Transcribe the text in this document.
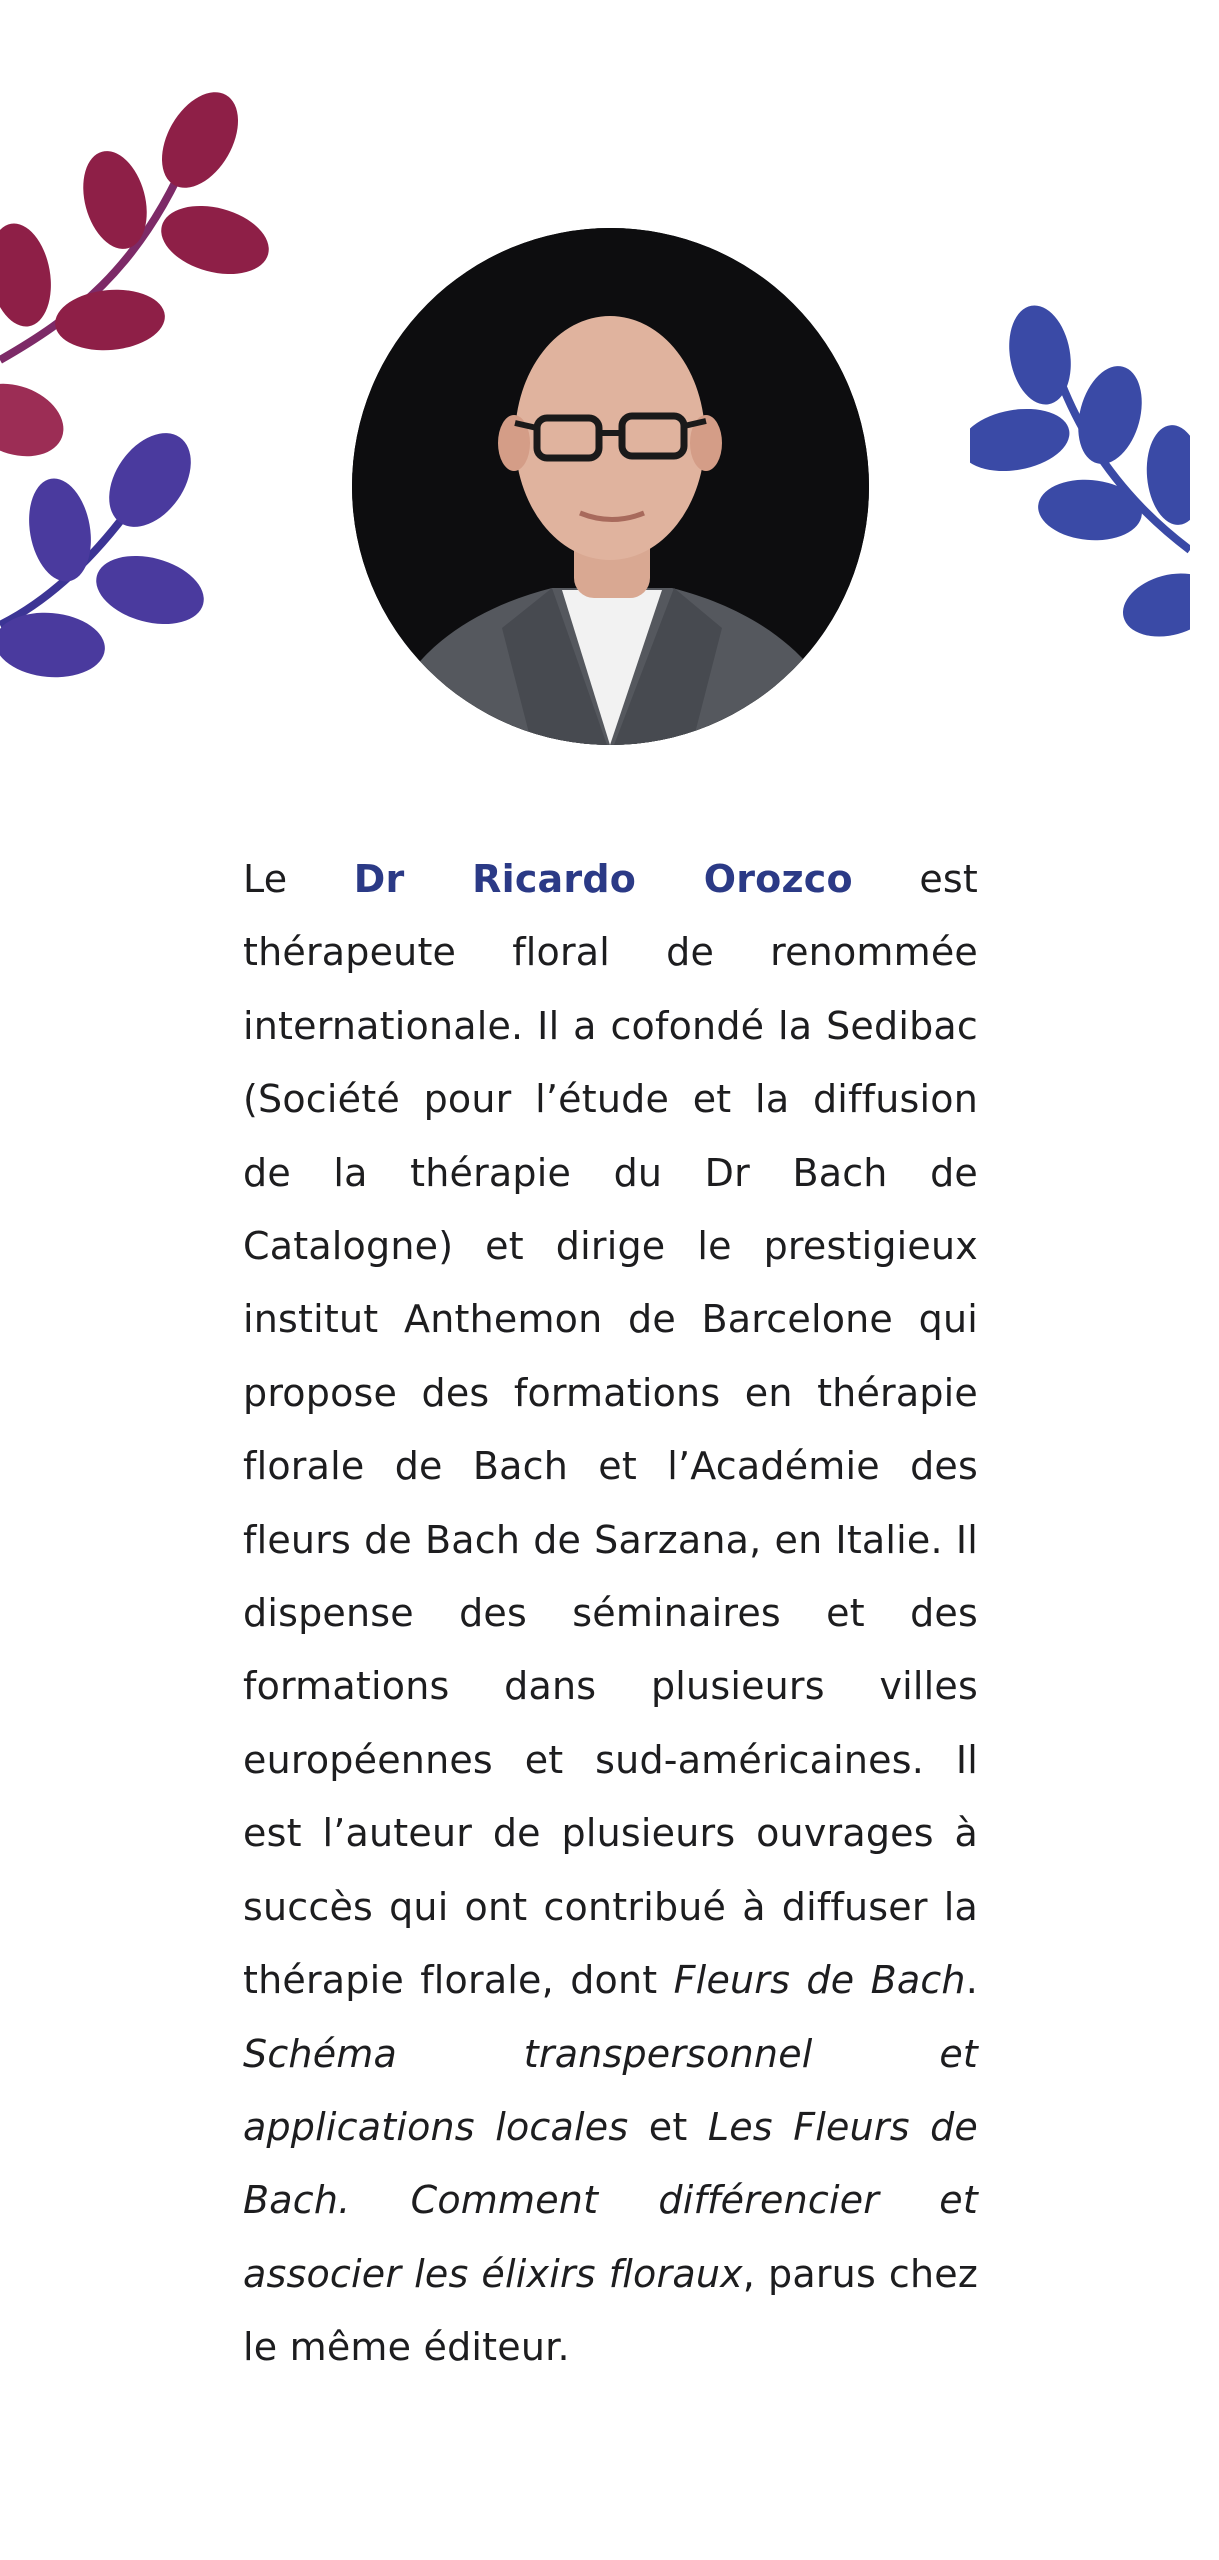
Le Dr Ricardo Orozco est thérapeute floral de renommée internationale. Il a cofondé la Sedibac (Société pour l’étude et la diffusion de la thérapie du Dr Bach de Catalogne) et dirige le prestigieux institut Anthemon de Barcelone qui propose des formations en thérapie florale de Bach et l’Académie des fleurs de Bach de Sarzana, en Italie. Il dispense des séminaires et des formations dans plusieurs villes européennes et sud-américaines. Il est l’auteur de plusieurs ouvrages à succès qui ont contribué à diffuser la thérapie florale, dont Fleurs de Bach. Schéma transpersonnel et applications locales et Les Fleurs de Bach. Comment différencier et associer les élixirs floraux, parus chez le même éditeur.
